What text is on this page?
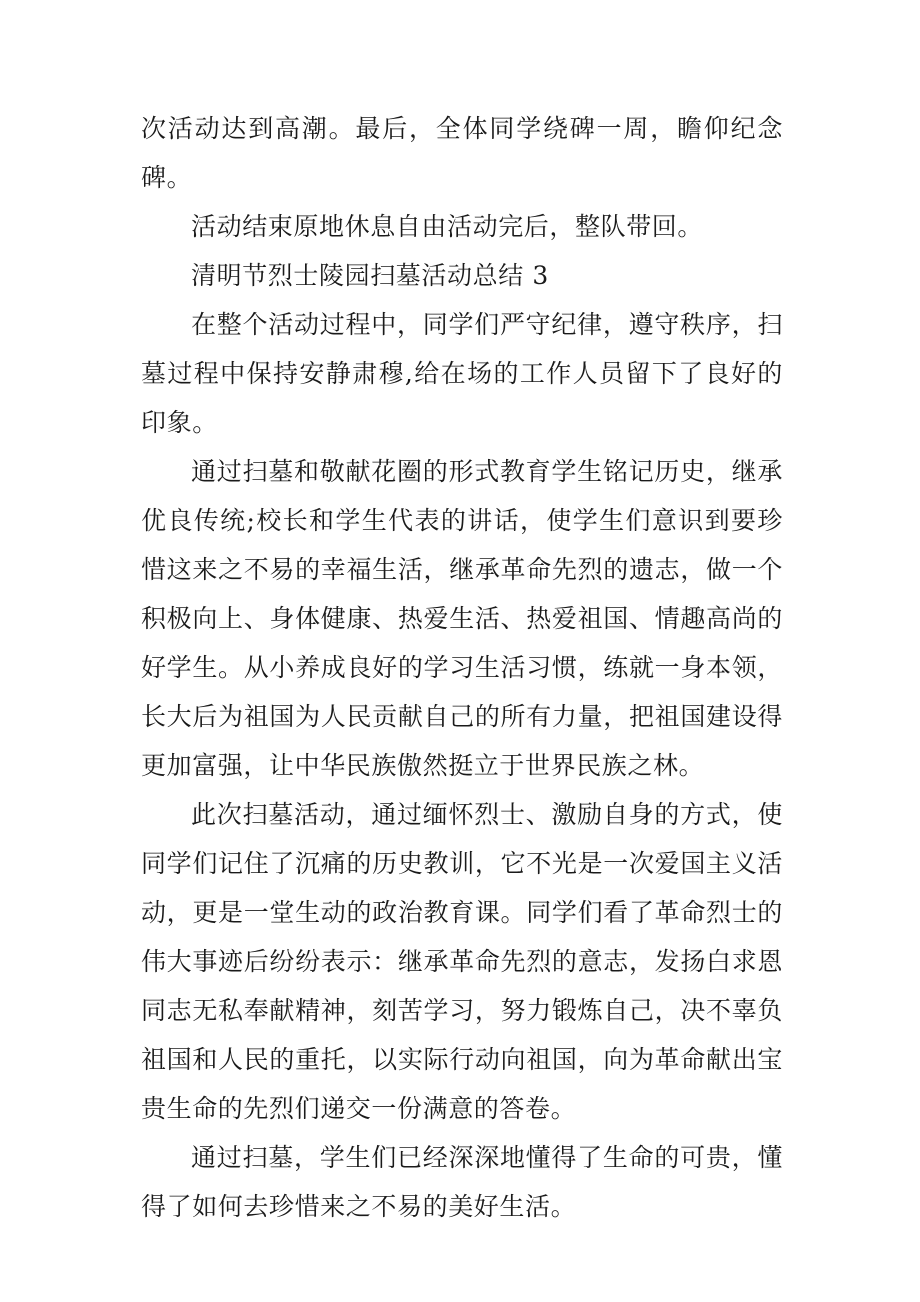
次活动达到高潮。最后，全体同学绕碑一周，瞻仰纪念碑。

活动结束原地休息自由活动完后，整队带回。

清明节烈士陵园扫墓活动总结 3

在整个活动过程中，同学们严守纪律，遵守秩序，扫墓过程中保持安静肃穆,给在场的工作人员留下了良好的印象。

通过扫墓和敬献花圈的形式教育学生铭记历史，继承优良传统;校长和学生代表的讲话，使学生们意识到要珍惜这来之不易的幸福生活，继承革命先烈的遗志，做一个积极向上、身体健康、热爱生活、热爱祖国、情趣高尚的好学生。从小养成良好的学习生活习惯，练就一身本领，长大后为祖国为人民贡献自己的所有力量，把祖国建设得更加富强，让中华民族傲然挺立于世界民族之林。

此次扫墓活动，通过缅怀烈士、激励自身的方式，使同学们记住了沉痛的历史教训，它不光是一次爱国主义活动，更是一堂生动的政治教育课。同学们看了革命烈士的伟大事迹后纷纷表示：继承革命先烈的意志，发扬白求恩同志无私奉献精神，刻苦学习，努力锻炼自己，决不辜负祖国和人民的重托，以实际行动向祖国，向为革命献出宝贵生命的先烈们递交一份满意的答卷。

通过扫墓，学生们已经深深地懂得了生命的可贵，懂得了如何去珍惜来之不易的美好生活。
